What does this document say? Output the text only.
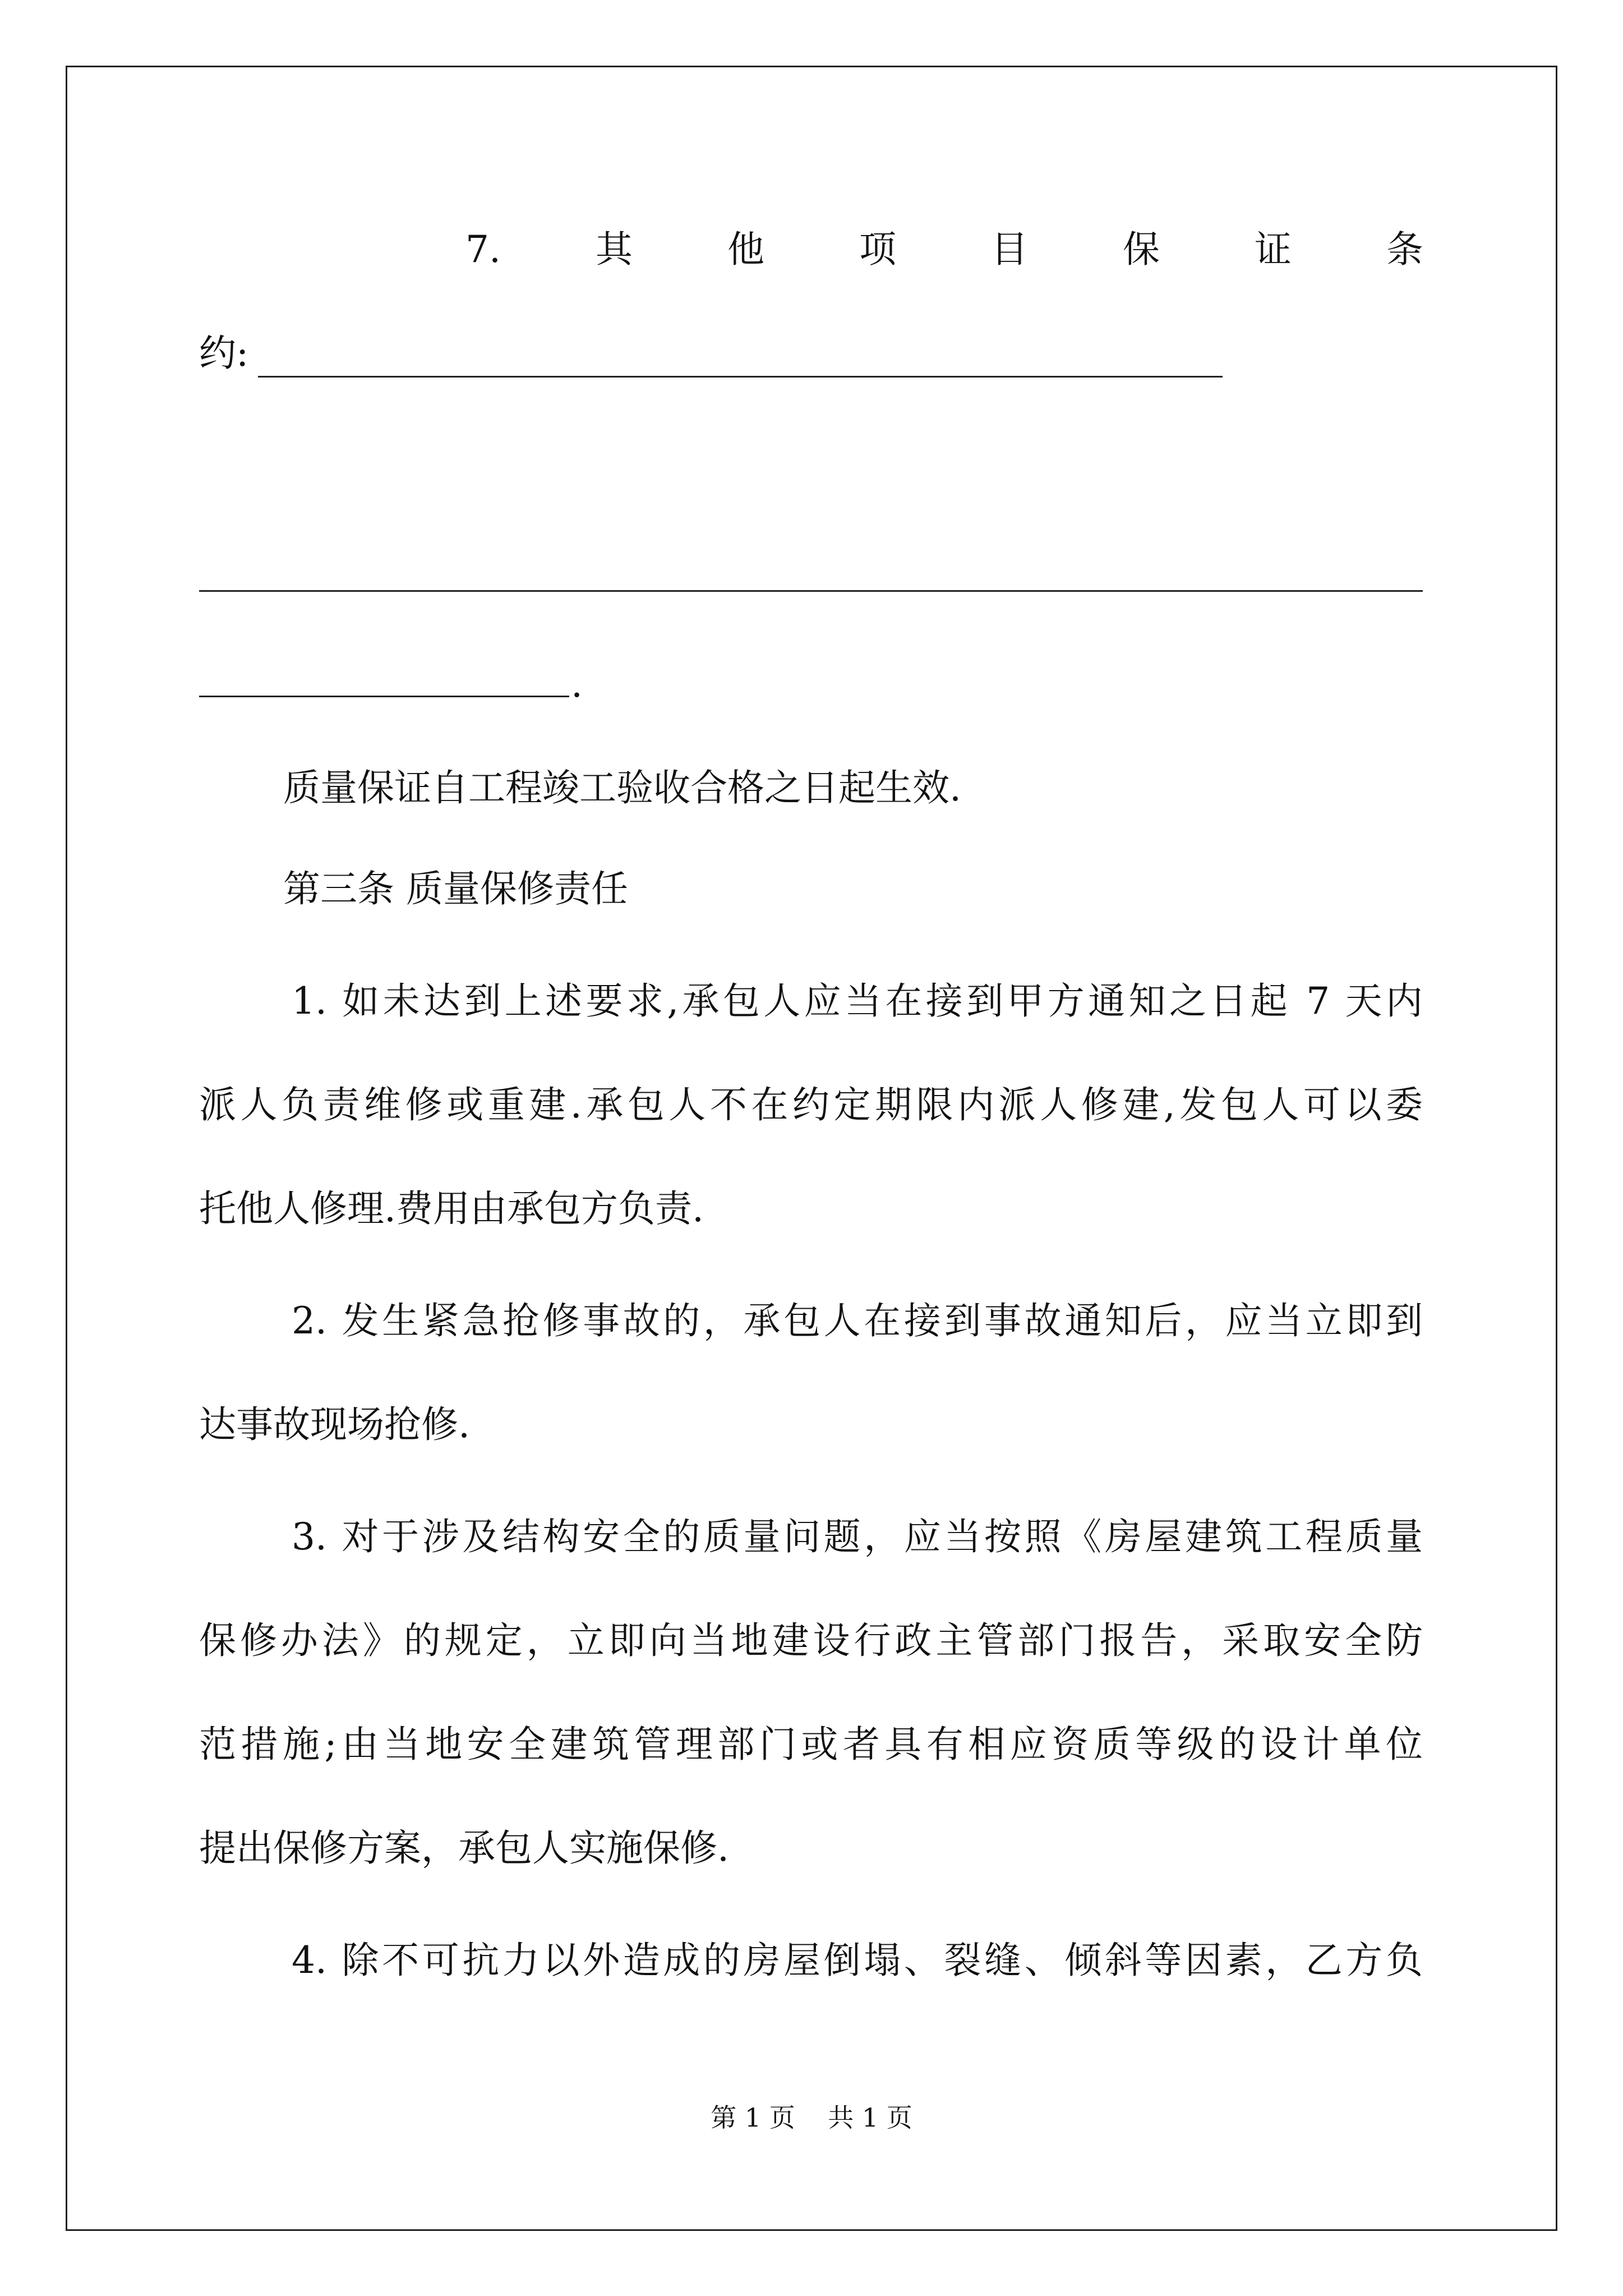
7.	其	他	项	目	保	证	条
约:
.
质量保证自工程竣工验收合格之日起生效.
第三条 质量保修责任
1. 如未达到上述要求,承包人应当在接到甲方通知之日起 7 天内
派人负责维修或重建.承包人不在约定期限内派人修建,发包人可以委
托他人修理.费用由承包方负责.
2. 发生紧急抢修事故的，承包人在接到事故通知后，应当立即到
达事故现场抢修.
3. 对于涉及结构安全的质量问题，应当按照《房屋建筑工程质量
保修办法》的规定，立即向当地建设行政主管部门报告，采取安全防
范措施;由当地安全建筑管理部门或者具有相应资质等级的设计单位
提出保修方案，承包人实施保修.
4. 除不可抗力以外造成的房屋倒塌、裂缝、倾斜等因素，乙方负
第 1 页    共 1 页
